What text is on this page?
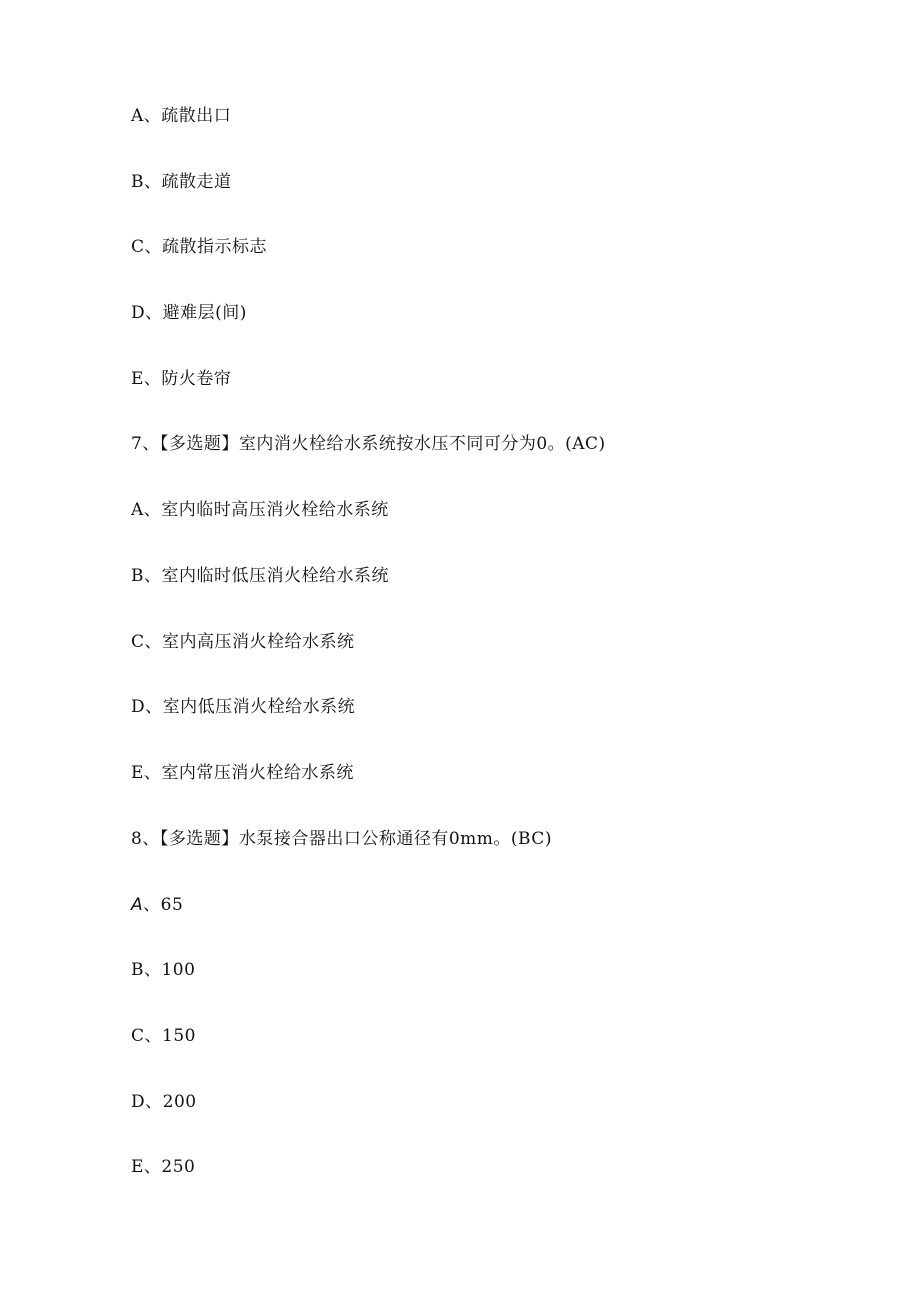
A、疏散出口
B、疏散走道
C、疏散指示标志
D、避难层(间)
E、防火卷帘
7、【多选题】室内消火栓给水系统按水压不同可分为0。(AC)
A、室内临时高压消火栓给水系统
B、室内临时低压消火栓给水系统
C、室内高压消火栓给水系统
D、室内低压消火栓给水系统
E、室内常压消火栓给水系统
8、【多选题】水泵接合器出口公称通径有0mm。(BC)
A、65
B、100
C、150
D、200
E、250
